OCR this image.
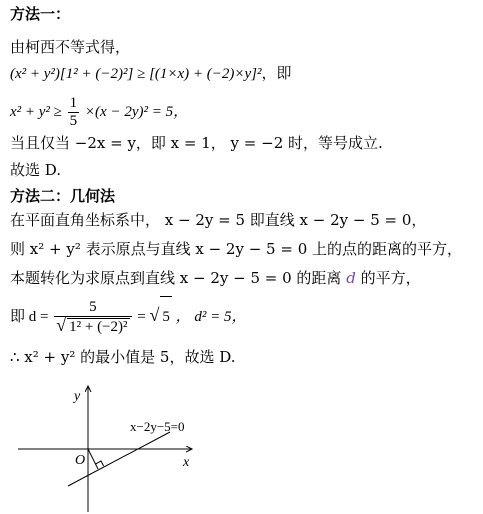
方法一：
由柯西不等式得，
(x² + y²)[1² + (−2)²] ≥ [(1×x) + (−2)×y]²，即
$x^2 + y^2 \ge \frac{1}{5} \times(x - 2y)^2 = 5$，
当且仅当 −2x = y，即 x = 1， y = −2 时，等号成立.
故选 D.
方法二：几何法
在平面直角坐标系中， x − 2y = 5 即直线 x − 2y − 5 = 0，
则 x² + y² 表示原点与直线 x − 2y − 5 = 0 上的点的距离的平方，
本题转化为求原点到直线 x − 2y − 5 = 0 的距离 d 的平方，
即 $d = \frac{5}{\text{√ 1² + (−2)²}}$ = √ 5 ， d² = 5，
∴ x² + y² 的最小值是 5，故选 D.
y
x
O
x−2y−5=0
